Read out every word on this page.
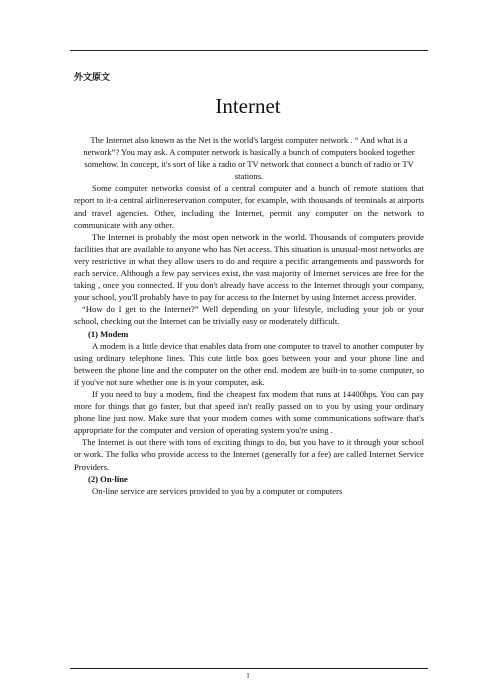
外文原文

Internet

The Internet also known as the Net is the world's largest computer network . “ And what is a network”? You may ask. A computer network is basically a bunch of computers booked together somehow. In concept, it's sort of like a radio or TV network that connect a bunch of radio or TV stations.

Some computer networks consist of a central computer and a bunch of remote stations that report to it-a central airlinereservation computer, for example, with thousands of terminals at airports and travel agencies. Other, including the Internet, permit any computer on the network to communicate with any other.

The Internet is probably the most open network in the world. Thousands of computers provide facilities that are available to anyone who has Net access. This situation is unusual-most networks are very restrictive in what they allow users to do and require a pecific arrangements and passwords for each service. Although a few pay services exist, the vast majority of Internet services are free for the taking , once you connected. If you don't already have access to the Internet through your company, your school, you'll probably have to pay for access to the Internet by using Internet access provider.

“How do I get to the Internet?” Well depending on your lifestyle, including your job or your school, checking out the Internet can be trivially easy or moderately difficult.

(1) Modem

A modem is a little device that enables data from one computer to travel to another computer by using ordinary telephone lines. This cute little box goes between your and your phone line and between the phone line and the computer on the other end. modem are built-in to some computer, so if you've not sure whether one is in your computer, ask.

If you need to buy a modem, find the cheapest fax modem that runs at 14400hps. You can pay more for things that go faster, but that speed isn't really passed on to you by using your ordinary phone line just now. Make sure that your modem comes with some communications software that's appropriate for the computer and version of operating system you're using .

The Internet is out there with tons of exciting things to do, but you have to it through your school or work. The folks who provide access to the Internet (generally for a fee) are called Internet Service Providers.

(2) On-line

On-line service are services provided to you by a computer or computers

1
